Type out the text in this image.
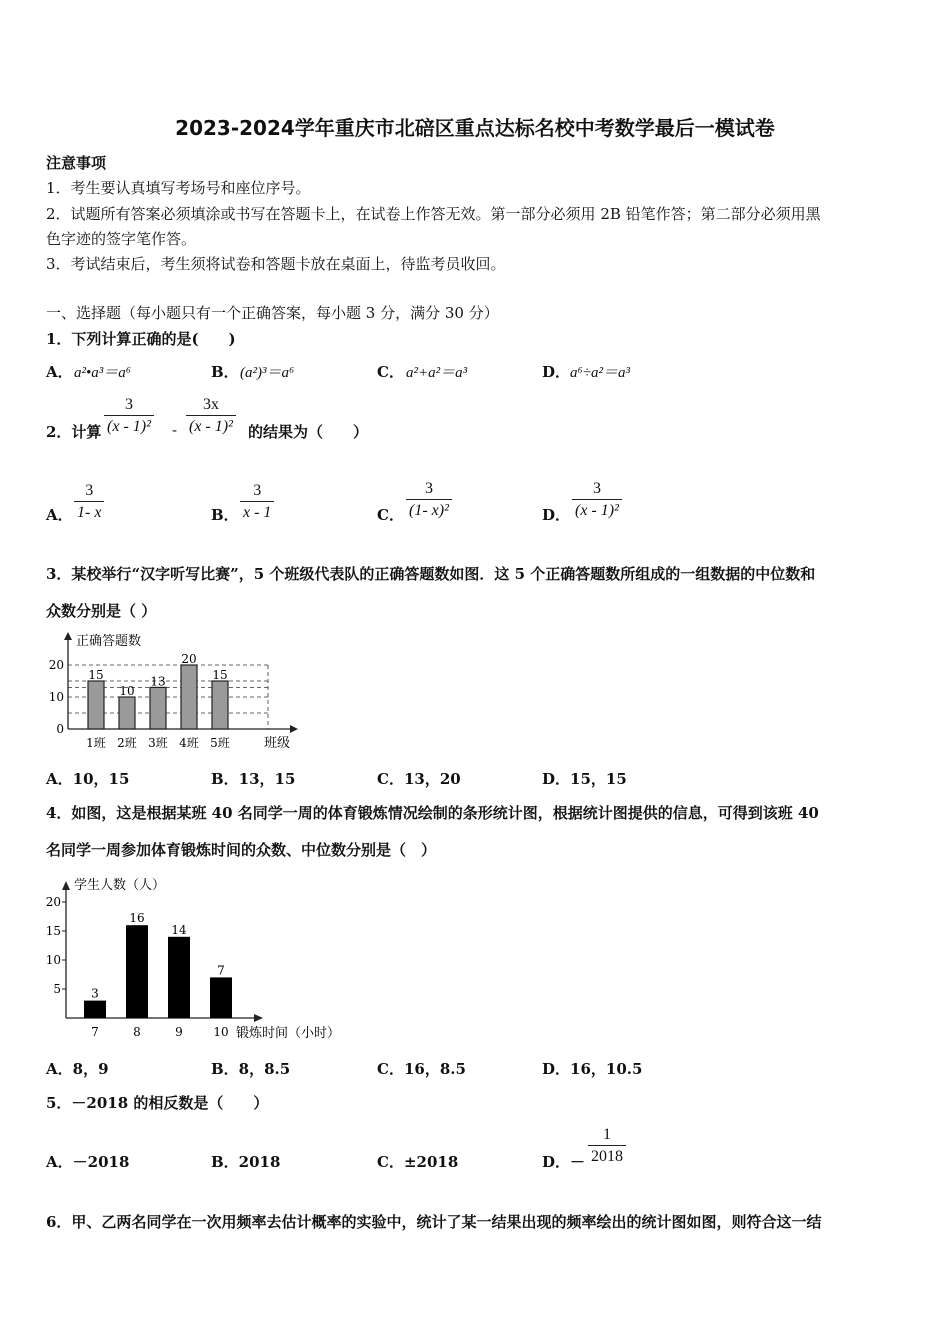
2023-2024学年重庆市北碚区重点达标名校中考数学最后一模试卷
注意事项
1．考生要认真填写考场号和座位序号。
2．试题所有答案必须填涂或书写在答题卡上，在试卷上作答无效。第一部分必须用 2B 铅笔作答；第二部分必须用黑
色字迹的签字笔作答。
3．考试结束后，考生须将试卷和答题卡放在桌面上，待监考员收回。
一、选择题（每小题只有一个正确答案，每小题 3 分，满分 30 分）
1．下列计算正确的是(　　)
A． a²•a³＝a⁶	B． (a²)³＝a⁶	C． a²+a²＝a³	D． a⁶÷a²＝a³
2．计算 $\frac{3}{\text{(x - 1)²}} - \frac{3x}{\text{(x - 1)²}}$ 的结果为（　　）
A． $\frac{3}{1- x}$	B． $\frac{3}{x - 1}$	C． $\frac{3}{\text{(1- x)²}}$	D． $\frac{3}{\text{(x - 1)²}}$
3．某校举行“汉字听写比赛”，5 个班级代表队的正确答题数如图．这 5 个正确答题数所组成的一组数据的中位数和
众数分别是（ ）
正确答题数
班级
0
10
20
15
1班
10
2班
13
3班
20
4班
15
5班
A．10，15	B．13，15	C．13，20	D．15，15
4．如图，这是根据某班 40 名同学一周的体育锻炼情况绘制的条形统计图，根据统计图提供的信息，可得到该班 40
名同学一周参加体育锻炼时间的众数、中位数分别是（　）
学生人数（人）
锻炼时间（小时）
5
10
15
20
3
7
16
8
14
9
7
10
A．8，9	B．8，8.5	C．16，8.5	D．16，10.5
5．－2018 的相反数是（　　）
A．－2018	B．2018	C．±2018	D．－ $\frac{1}{2018}$
6．甲、乙两名同学在一次用频率去估计概率的实验中，统计了某一结果出现的频率绘出的统计图如图，则符合这一结
